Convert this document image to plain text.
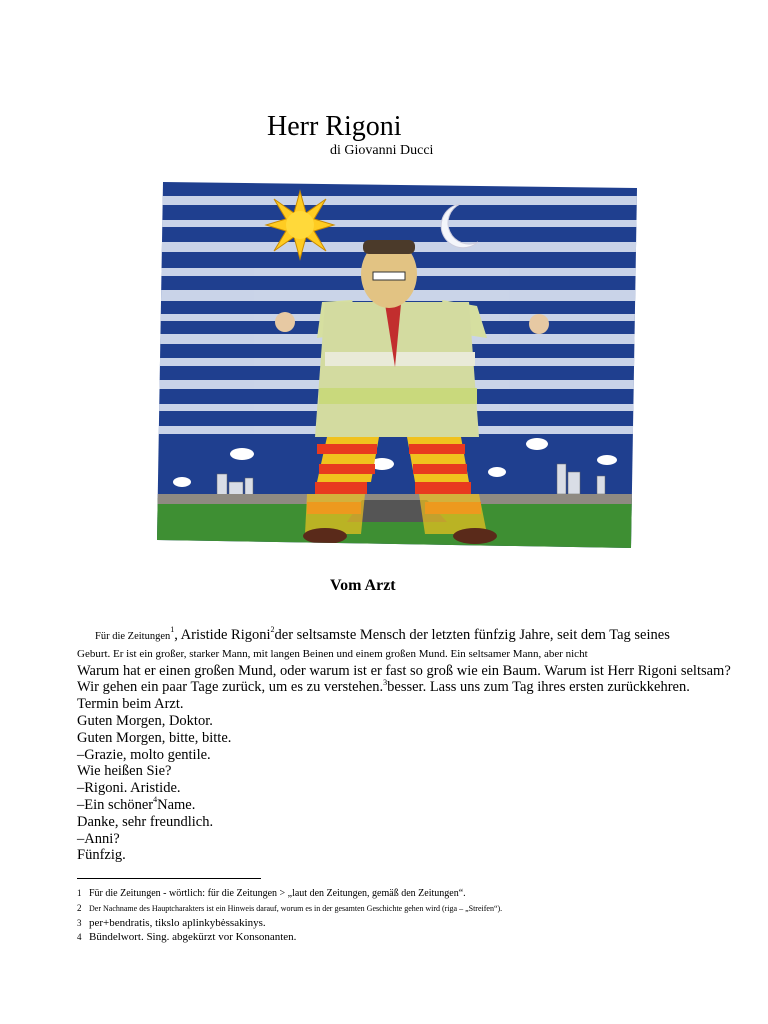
Herr Rigoni
di Giovanni Ducci
Vom Arzt
Für die Zeitungen$^1$, Aristide Rigoni$^2$der seltsamste Mensch der letzten fünfzig Jahre, seit dem Tag seines
Geburt. Er ist ein großer, starker Mann, mit langen Beinen und einem großen Mund. Ein seltsamer Mann, aber nicht
Warum hat er einen großen Mund, oder warum ist er fast so groß wie ein Baum. Warum ist Herr Rigoni seltsam?
Wir gehen ein paar Tage zurück, um es zu verstehen.$^3$besser. Lass uns zum Tag ihres ersten zurückkehren.
Termin beim Arzt.
Guten Morgen, Doktor.
Guten Morgen, bitte, bitte.
–Grazie, molto gentile.
Wie heißen Sie?
–Rigoni. Aristide.
–Ein schöner$^4$Name.
Danke, sehr freundlich.
–Anni?
Fünfzig.
1 Für die Zeitungen - wörtlich: für die Zeitungen > „laut den Zeitungen, gemäß den Zeitungen“.
2 Der Nachname des Hauptcharakters ist ein Hinweis darauf, worum es in der gesamten Geschichte gehen wird (riga – „Streifen“).
3 per+bendratis, tikslo aplinkybėssakinys.
4 Bündelwort. Sing. abgekürzt vor Konsonanten.
